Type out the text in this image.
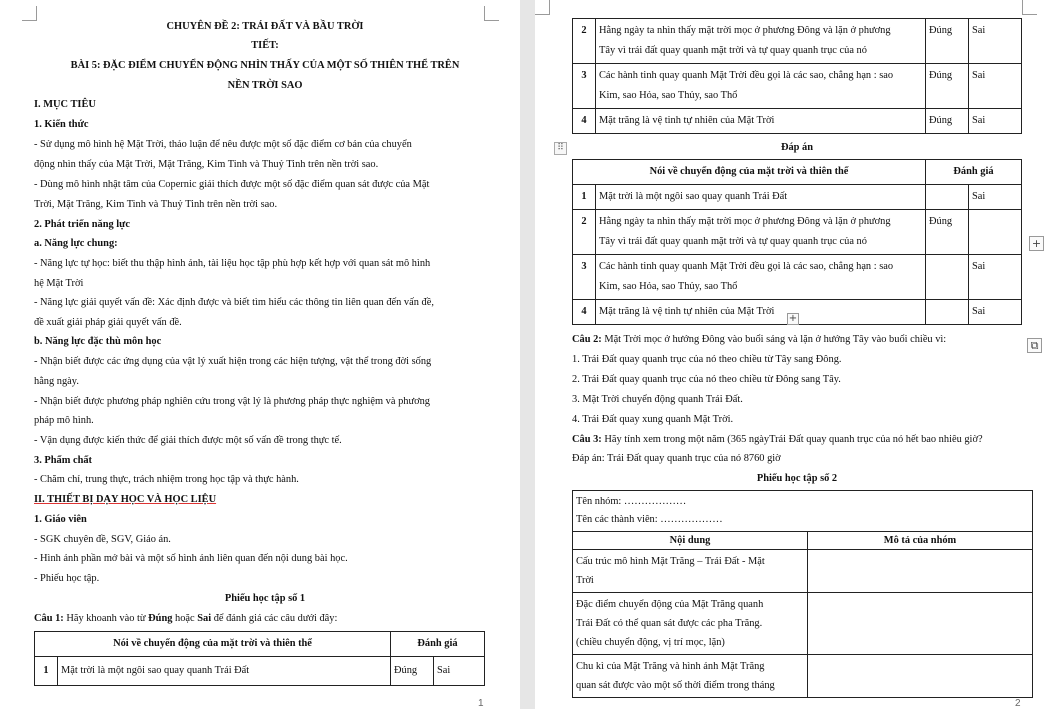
CHUYÊN ĐỀ 2: TRÁI ĐẤT VÀ BẦU TRỜI
TIẾT:
BÀI 5: ĐẶC ĐIỂM CHUYỂN ĐỘNG NHÌN THẤY CỦA MỘT SỐ THIÊN THỂ TRÊN
NỀN TRỜI SAO
I. MỤC TIÊU
1. Kiến thức
- Sử dụng mô hình hệ Mặt Trời, thảo luận để nêu được một số đặc điểm cơ bản của chuyển
động nhìn thấy của Mặt Trời, Mặt Trăng, Kim Tinh và Thuỷ Tinh trên nền trời sao.
- Dùng mô hình nhật tâm của Copernic giải thích được một số đặc điểm quan sát được của Mặt
Trời, Mặt Trăng, Kim Tinh và Thuỷ Tinh trên nền trời sao.
2. Phát triển năng lực
a. Năng lực chung:
- Năng lực tự học: biết thu thập hình ảnh, tài liệu học tập phù hợp kết hợp với quan sát mô hình
hệ Mặt Trời
- Năng lực giải quyết vấn đề: Xác định được và biết tìm hiểu các thông tin liên quan đến vấn đề,
đề xuất giải pháp giải quyết vấn đề.
b. Năng lực đặc thù môn học
- Nhận biết được các ứng dụng của vật lý xuất hiện trong các hiện tượng, vật thể trong đời sống
hằng ngày.
- Nhận biết được phương pháp nghiên cứu trong vật lý là phương pháp thực nghiệm và phương
pháp mô hình.
- Vận dụng được kiến thức để giải thích được một số vấn đề trong thực tế.
3. Phẩm chất
- Chăm chỉ, trung thực, trách nhiệm trong học tập và thực hành.
II. THIẾT BỊ DẠY HỌC VÀ HỌC LIỆU
1. Giáo viên
- SGK chuyên đề, SGV, Giáo án.
- Hình ảnh phần mở bài và một số hình ảnh liên quan đến nội dung bài học.
- Phiếu học tập.
Phiếu học tập số 1
Câu 1: Hãy khoanh vào từ Đúng hoặc Sai để đánh giá các câu dưới đây:
Nói về chuyển động của mặt trời và thiên thể		Đánh giá	
1	Mặt trời là một ngôi sao quay quanh Trái Đất	Đúng	Sai
1
2	Hằng ngày ta nhìn thấy mặt trời mọc ở phương Đông và lặn ở phương
Tây vì trái đất quay quanh mặt trời và tự quay quanh trục của nó	Đúng	Sai
3	Các hành tinh quay quanh Mặt Trời đều gọi là các sao, chẳng hạn : sao
Kim, sao Hỏa, sao Thủy, sao Thổ	Đúng	Sai
4	Mặt trăng là vệ tinh tự nhiên của Mặt Trời	Đúng	Sai
⠿	Đáp án
Nói về chuyển động của mặt trời và thiên thể		Đánh giá	
1	Mặt trời là một ngôi sao quay quanh Trái Đất		Sai
2	Hằng ngày ta nhìn thấy mặt trời mọc ở phương Đông và lặn ở phương
Tây vì trái đất quay quanh mặt trời và tự quay quanh trục của nó	Đúng	
3	Các hành tinh quay quanh Mặt Trời đều gọi là các sao, chẳng hạn : sao
Kim, sao Hỏa, sao Thủy, sao Thổ		Sai
4	Mặt trăng là vệ tinh tự nhiên của Mặt Trời		Sai
+
+
⧉
Câu 2: Mặt Trời mọc ở hướng Đông vào buổi sáng và lặn ở hướng Tây vào buổi chiều vì:
1. Trái Đất quay quanh trục của nó theo chiều từ Tây sang Đông.
2. Trái Đất quay quanh trục của nó theo chiều từ Đông sang Tây.
3. Mặt Trời chuyển động quanh Trái Đất.
4. Trái Đất quay xung quanh Mặt Trời.
Câu 3: Hãy tính xem trong một năm (365 ngàyTrái Đất quay quanh trục của nó hết bao nhiêu giờ?
Đáp án: Trái Đất quay quanh trục của nó 8760 giờ
Phiếu học tập số 2
Tên nhóm: ………………
Tên các thành viên: ………………	

Nội dung	Mô tả của nhóm

Cấu trúc mô hình Mặt Trăng – Trái Đất - Mặt
Trời	

Đặc điểm chuyển động của Mặt Trăng quanh
Trái Đất có thể quan sát được các pha Trăng.
(chiều chuyển động, vị trí mọc, lặn)	

Chu kì của Mặt Trăng và hình ảnh Mặt Trăng
quan sát được vào một số thời điểm trong tháng	

2
